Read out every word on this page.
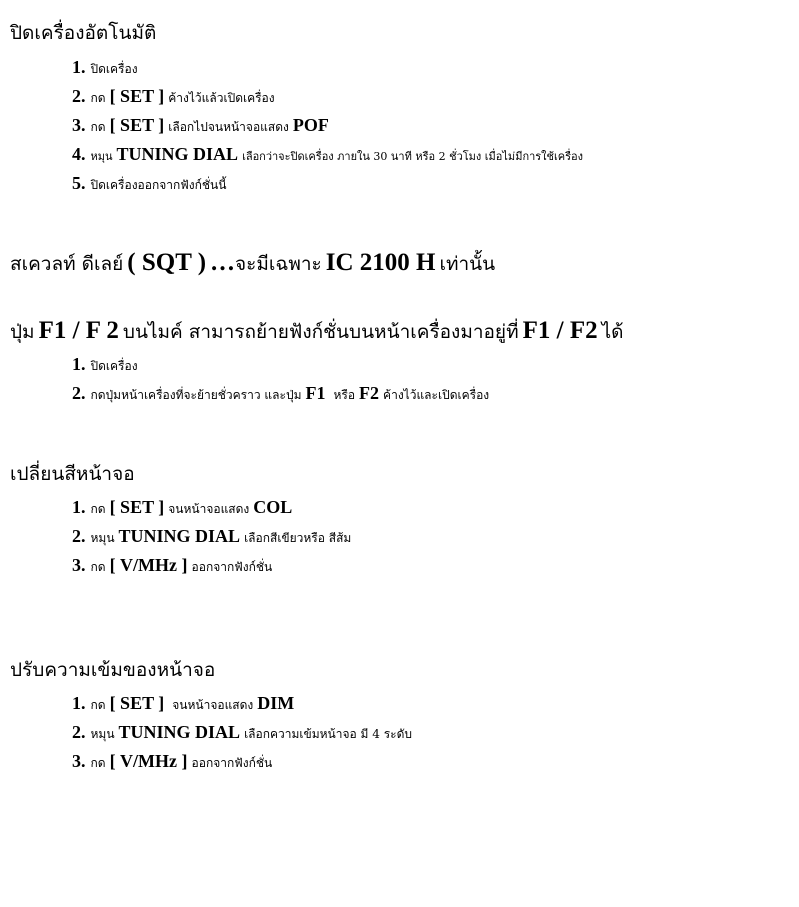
ปิดเครื่องอัตโนมัติ
1. ปิดเครื่อง
2. กด [ SET ] ค้างไว้แล้วเปิดเครื่อง
3. กด [ SET ] เลือกไปจนหน้าจอแสดง POF
4. หมุน TUNING DIAL เลือกว่าจะปิดเครื่อง ภายใน 30 นาที หรือ 2 ชั่วโมง เมื่อไม่มีการใช้เครื่อง
5. ปิดเครื่องออกจากฟังก์ชั่นนี้
สเควลท์ ดีเลย์ ( SQT ) …จะมีเฉพาะ IC 2100 H เท่านั้น
ปุ่ม F1 / F 2 บนไมค์ สามารถย้ายฟังก์ชั่นบนหน้าเครื่องมาอยู่ที่ F1 / F2 ได้
1. ปิดเครื่อง
2. กดปุ่มหน้าเครื่องที่จะย้ายชั่วคราว และปุ่ม F1 หรือ F2 ค้างไว้และเปิดเครื่อง
เปลี่ยนสีหน้าจอ
1. กด [ SET ] จนหน้าจอแสดง COL
2. หมุน TUNING DIAL เลือกสีเขียวหรือ สีส้ม
3. กด [ V/MHz ] ออกจากฟังก์ชั่น
ปรับความเข้มของหน้าจอ
1. กด [ SET ] จนหน้าจอแสดง DIM
2. หมุน TUNING DIAL เลือกความเข้มหน้าจอ มี 4 ระดับ
3. กด [ V/MHz ] ออกจากฟังก์ชั่น
